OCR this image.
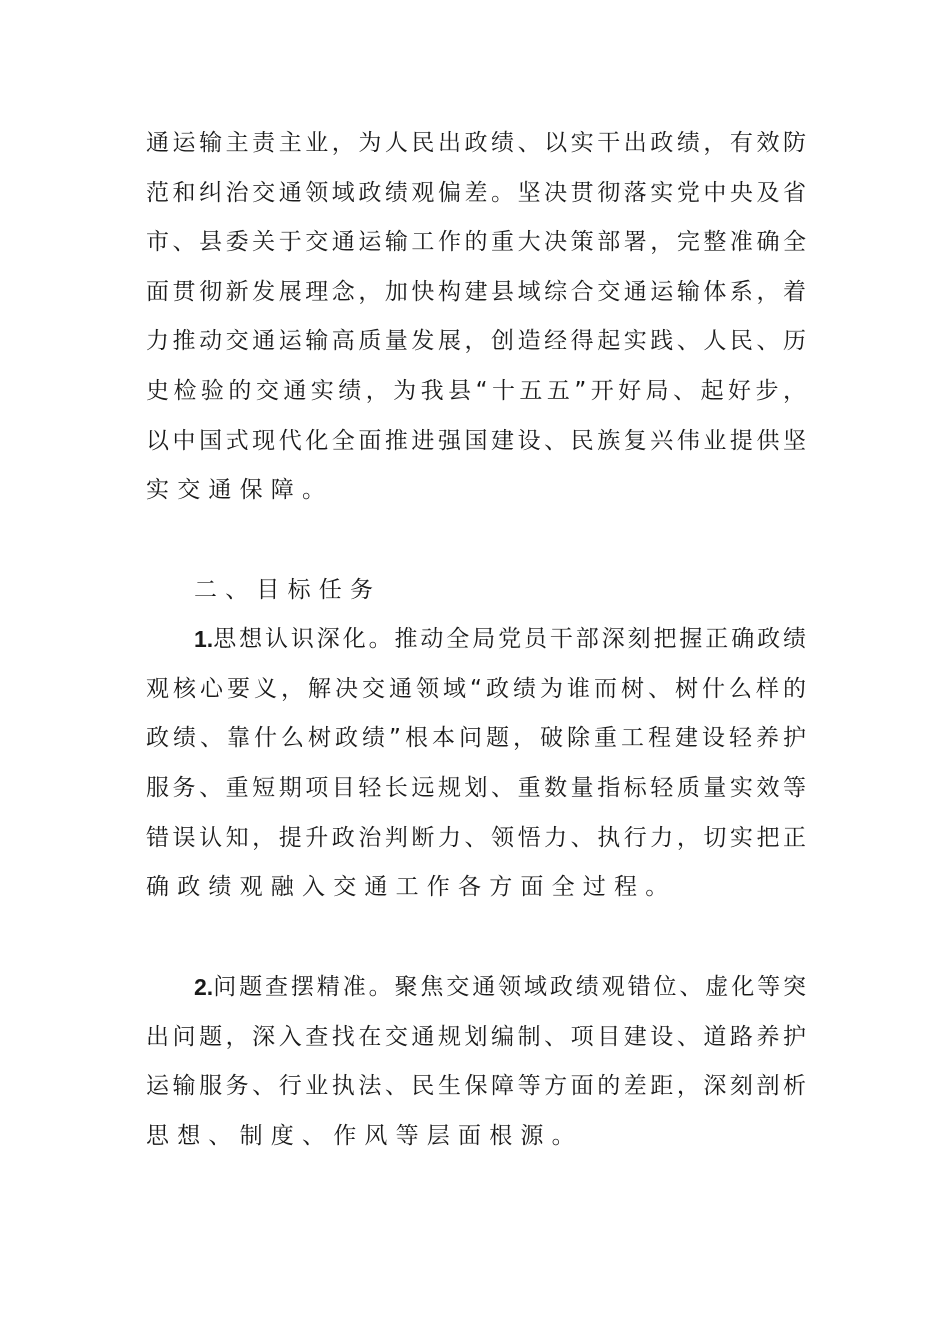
通运输主责主业，为人民出政绩、以实干出政绩，有效防
范和纠治交通领域政绩观偏差。坚决贯彻落实党中央及省
市、县委关于交通运输工作的重大决策部署，完整准确全
面贯彻新发展理念，加快构建县域综合交通运输体系，着
力推动交通运输高质量发展，创造经得起实践、人民、历
史检验的交通实绩，为我县“十五五”开好局、起好步，
以中国式现代化全面推进强国建设、民族复兴伟业提供坚
实交通保障。
二、目标任务
1. 思想认识深化。推动全局党员干部深刻把握正确政绩
观核心要义，解决交通领域“政绩为谁而树、树什么样的
政绩、靠什么树政绩”根本问题，破除重工程建设轻养护
服务、重短期项目轻长远规划、重数量指标轻质量实效等
错误认知，提升政治判断力、领悟力、执行力，切实把正
确政绩观融入交通工作各方面全过程。
2. 问题查摆精准。聚焦交通领域政绩观错位、虚化等突
出问题，深入查找在交通规划编制、项目建设、道路养护
运输服务、行业执法、民生保障等方面的差距，深刻剖析
思想、制度、作风等层面根源。
